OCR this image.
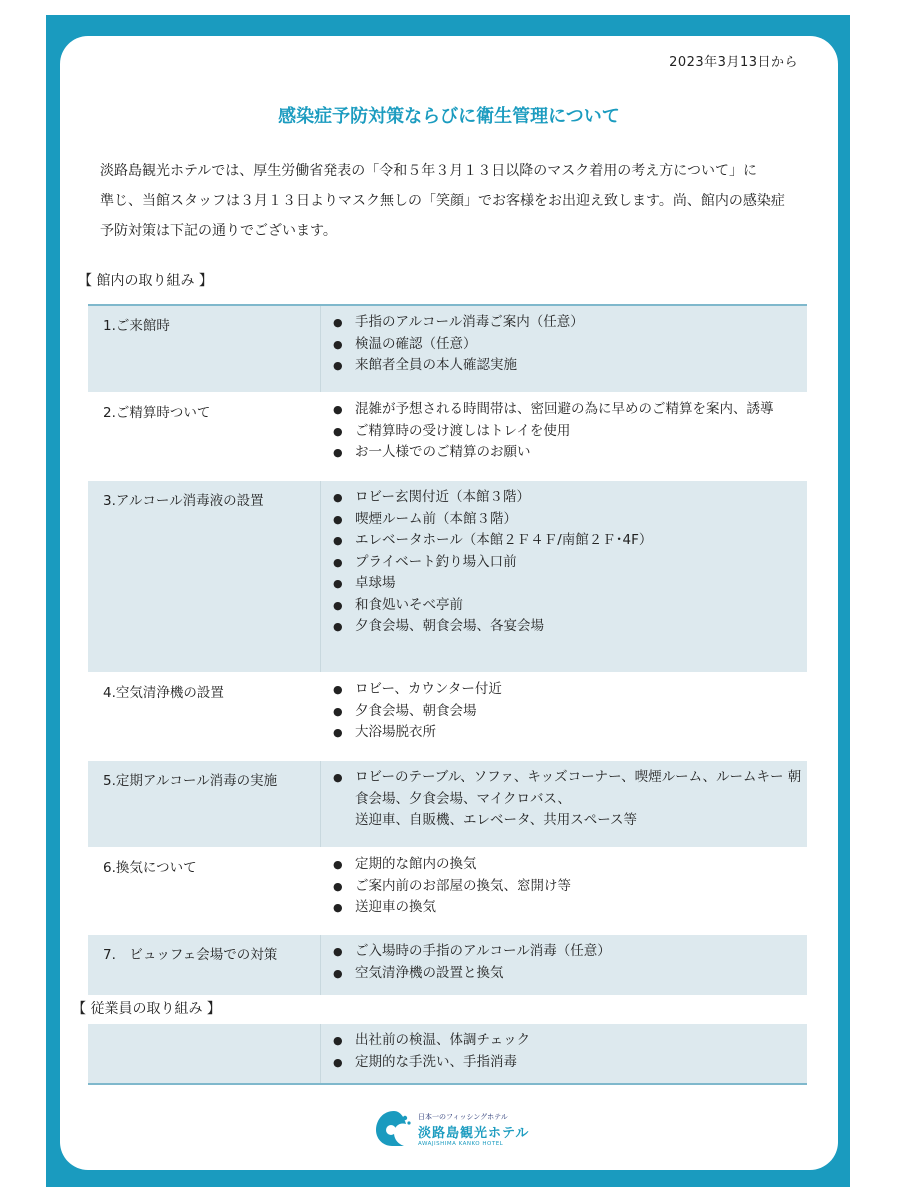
2023年3月13日から
感染症予防対策ならびに衛生管理について

淡路島観光ホテルでは、厚生労働省発表の「令和５年３月１３日以降のマスク着用の考え方について」に

準じ、当館スタッフは３月１３日よりマスク無しの「笑顔」でお客様をお出迎え致します。尚、館内の感染症

予防対策は下記の通りでございます。

【 館内の取り組み 】
1.ご来館時	● 手指のアルコール消毒ご案内（任意）
● 検温の確認（任意）
● 来館者全員の本人確認実施
2.ご精算時ついて	● 混雑が予想される時間帯は、密回避の為に早めのご精算を案内、誘導
● ご精算時の受け渡しはトレイを使用
● お一人様でのご精算のお願い
3.アルコール消毒液の設置	● ロビー玄関付近（本館３階）
● 喫煙ルーム前（本館３階）
● エレベータホール（本館２Ｆ４Ｆ/南館２Ｆ･4F）
● プライベート釣り場入口前
● 卓球場
● 和食処いそべ亭前
● 夕食会場、朝食会場、各宴会場
4.空気清浄機の設置	● ロビー、カウンター付近
● 夕食会場、朝食会場
● 大浴場脱衣所
5.定期アルコール消毒の実施	● ロビーのテーブル、ソファ、キッズコーナー、喫煙ルーム、ルームキー 朝食会場、夕食会場、マイクロバス、
送迎車、自販機、エレベータ、共用スペース等
6.換気について	● 定期的な館内の換気
● ご案内前のお部屋の換気、窓開け等
● 送迎車の換気
7.　ビュッフェ会場での対策	● ご入場時の手指のアルコール消毒（任意）
● 空気清浄機の設置と換気
【 従業員の取り組み 】
● 出社前の検温、体調チェック
● 定期的な手洗い、手指消毒
日本一のフィッシングホテル
淡路島観光ホテル
AWAJISHIMA KANKO HOTEL
